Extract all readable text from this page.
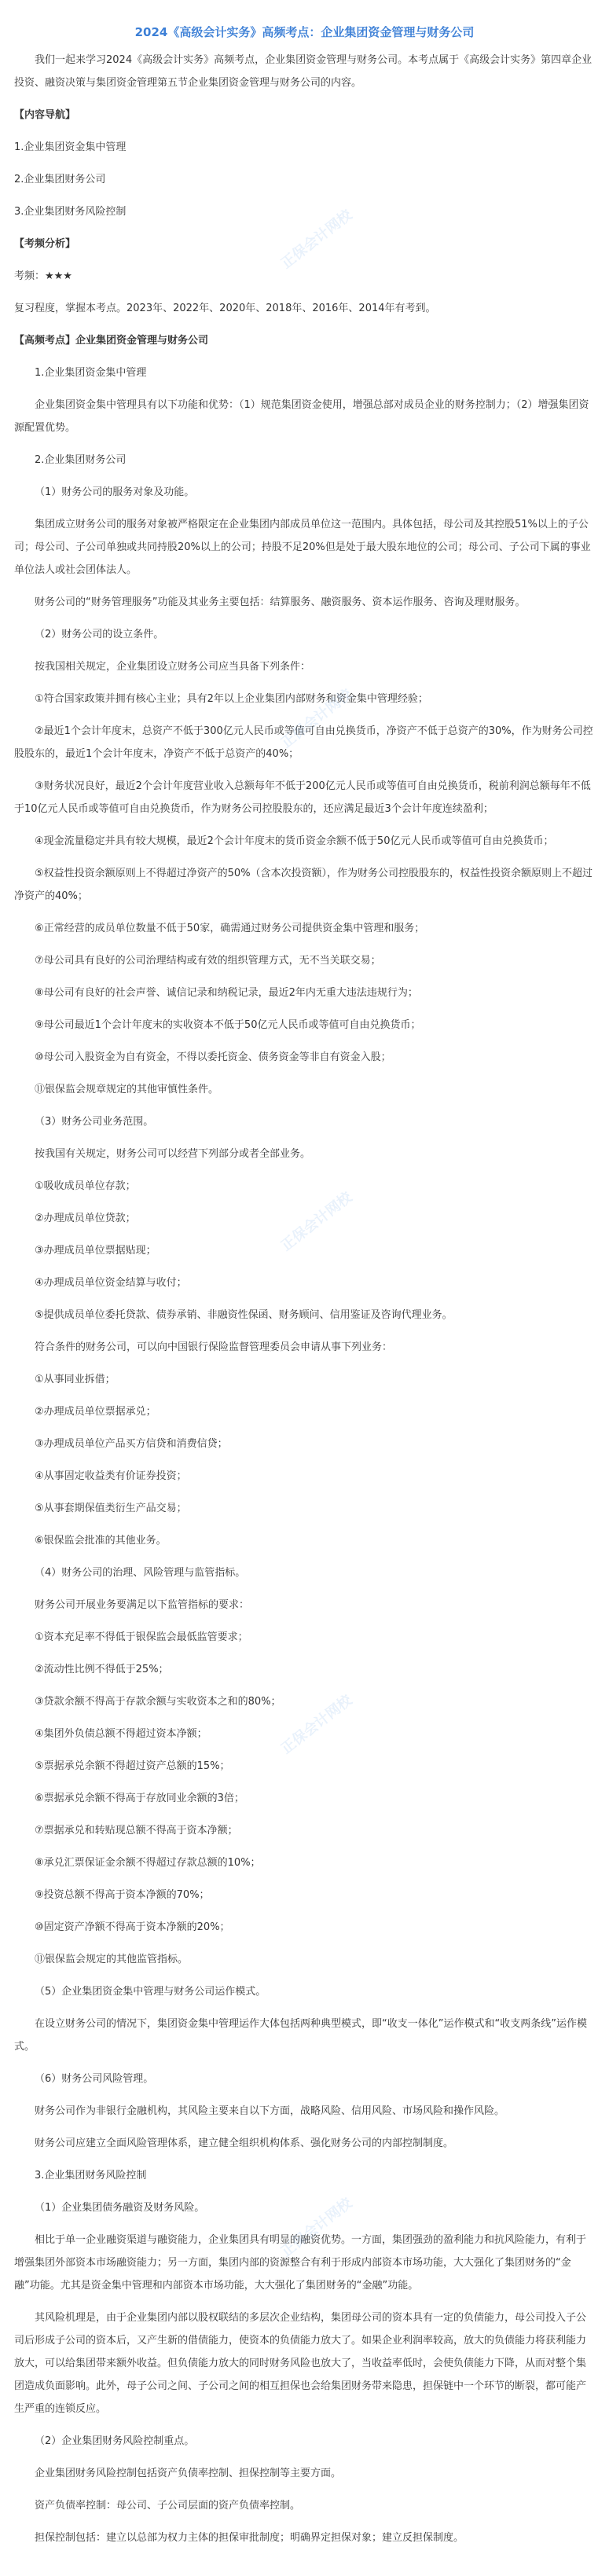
正保会计网校
正保会计网校
正保会计网校
正保会计网校
正保会计网校
2024《高级会计实务》高频考点：企业集团资金管理与财务公司

我们一起来学习2024《高级会计实务》高频考点，企业集团资金管理与财务公司。本考点属于《高级会计实务》第四章企业投资、融资决策与集团资金管理第五节企业集团资金管理与财务公司的内容。

【内容导航】

1.企业集团资金集中管理

2.企业集团财务公司

3.企业集团财务风险控制

【考频分析】

考频：★★★

复习程度，掌握本考点。2023年、2022年、2020年、2018年、2016年、2014年有考到。

【高频考点】企业集团资金管理与财务公司

1.企业集团资金集中管理

企业集团资金集中管理具有以下功能和优势：（1）规范集团资金使用，增强总部对成员企业的财务控制力；（2）增强集团资源配置优势。

2.企业集团财务公司

（1）财务公司的服务对象及功能。

集团成立财务公司的服务对象被严格限定在企业集团内部成员单位这一范围内。具体包括，母公司及其控股51%以上的子公司；母公司、子公司单独或共同持股20%以上的公司；持股不足20%但是处于最大股东地位的公司；母公司、子公司下属的事业单位法人或社会团体法人。

财务公司的“财务管理服务”功能及其业务主要包括：结算服务、融资服务、资本运作服务、咨询及理财服务。

（2）财务公司的设立条件。

按我国相关规定，企业集团设立财务公司应当具备下列条件：

①符合国家政策并拥有核心主业；具有2年以上企业集团内部财务和资金集中管理经验；

②最近1个会计年度末，总资产不低于300亿元人民币或等值可自由兑换货币，净资产不低于总资产的30%，作为财务公司控股股东的，最近1个会计年度末，净资产不低于总资产的40%；

③财务状况良好，最近2个会计年度营业收入总额每年不低于200亿元人民币或等值可自由兑换货币，税前利润总额每年不低于10亿元人民币或等值可自由兑换货币，作为财务公司控股股东的，还应满足最近3个会计年度连续盈利；

④现金流量稳定并具有较大规模，最近2个会计年度末的货币资金余额不低于50亿元人民币或等值可自由兑换货币；

⑤权益性投资余额原则上不得超过净资产的50%（含本次投资额），作为财务公司控股股东的，权益性投资余额原则上不超过净资产的40%；

⑥正常经营的成员单位数量不低于50家，确需通过财务公司提供资金集中管理和服务；

⑦母公司具有良好的公司治理结构或有效的组织管理方式，无不当关联交易；

⑧母公司有良好的社会声誉、诚信记录和纳税记录，最近2年内无重大违法违规行为；

⑨母公司最近1个会计年度末的实收资本不低于50亿元人民币或等值可自由兑换货币；

⑩母公司入股资金为自有资金，不得以委托资金、债务资金等非自有资金入股；

⑪银保监会规章规定的其他审慎性条件。

（3）财务公司业务范围。

按我国有关规定，财务公司可以经营下列部分或者全部业务。

①吸收成员单位存款；

②办理成员单位贷款；

③办理成员单位票据贴现；

④办理成员单位资金结算与收付；

⑤提供成员单位委托贷款、债券承销、非融资性保函、财务顾问、信用鉴证及咨询代理业务。

符合条件的财务公司，可以向中国银行保险监督管理委员会申请从事下列业务：

①从事同业拆借；

②办理成员单位票据承兑；

③办理成员单位产品买方信贷和消费信贷；

④从事固定收益类有价证券投资；

⑤从事套期保值类衍生产品交易；

⑥银保监会批准的其他业务。

（4）财务公司的治理、风险管理与监管指标。

财务公司开展业务要满足以下监管指标的要求：

①资本充足率不得低于银保监会最低监管要求；

②流动性比例不得低于25%；

③贷款余额不得高于存款余额与实收资本之和的80%；

④集团外负债总额不得超过资本净额；

⑤票据承兑余额不得超过资产总额的15%；

⑥票据承兑余额不得高于存放同业余额的3倍；

⑦票据承兑和转贴现总额不得高于资本净额；

⑧承兑汇票保证金余额不得超过存款总额的10%；

⑨投资总额不得高于资本净额的70%；

⑩固定资产净额不得高于资本净额的20%；

⑪银保监会规定的其他监管指标。

（5）企业集团资金集中管理与财务公司运作模式。

在设立财务公司的情况下，集团资金集中管理运作大体包括两种典型模式，即“收支一体化”运作模式和“收支两条线”运作模式。

（6）财务公司风险管理。

财务公司作为非银行金融机构，其风险主要来自以下方面，战略风险、信用风险、市场风险和操作风险。

财务公司应建立全面风险管理体系，建立健全组织机构体系、强化财务公司的内部控制制度。

3.企业集团财务风险控制

（1）企业集团债务融资及财务风险。

相比于单一企业融资渠道与融资能力，企业集团具有明显的融资优势。一方面，集团强劲的盈利能力和抗风险能力，有利于增强集团外部资本市场融资能力；另一方面，集团内部的资源整合有利于形成内部资本市场功能，大大强化了集团财务的“金融”功能。尤其是资金集中管理和内部资本市场功能，大大强化了集团财务的“金融”功能。

其风险机理是，由于企业集团内部以股权联结的多层次企业结构，集团母公司的资本具有一定的负债能力，母公司投入子公司后形成子公司的资本后，又产生新的借债能力，使资本的负债能力放大了。如果企业利润率较高，放大的负债能力将获利能力放大，可以给集团带来额外收益。但负债能力放大的同时财务风险也放大了，当收益率低时，会使负债能力下降，从而对整个集团造成负面影响。此外，母子公司之间、子公司之间的相互担保也会给集团财务带来隐患，担保链中一个环节的断裂，都可能产生严重的连锁反应。

（2）企业集团财务风险控制重点。

企业集团财务风险控制包括资产负债率控制、担保控制等主要方面。

资产负债率控制：母公司、子公司层面的资产负债率控制。

担保控制包括：建立以总部为权力主体的担保审批制度；明确界定担保对象；建立反担保制度。
